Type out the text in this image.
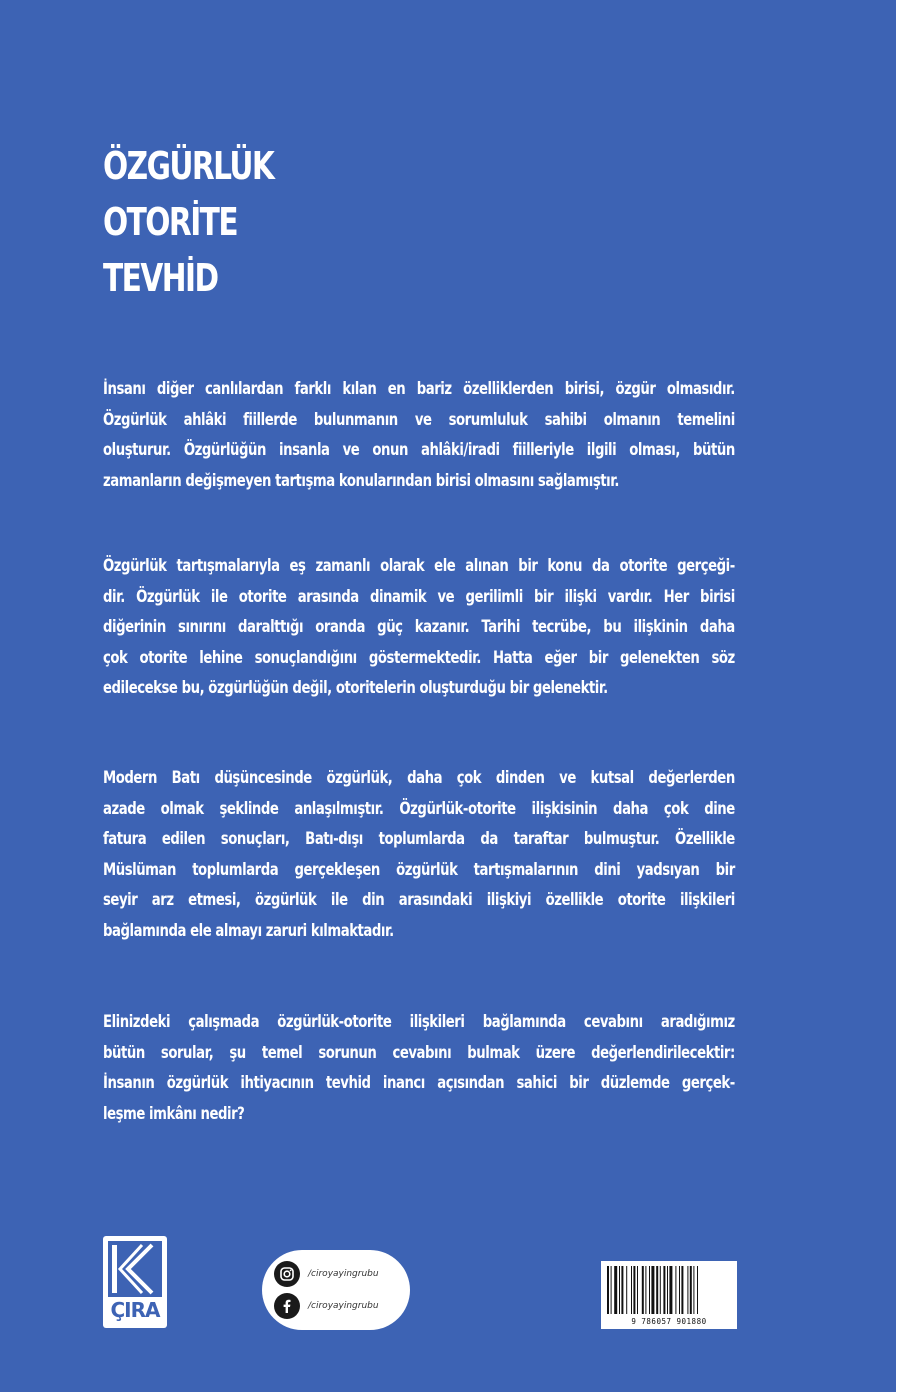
ÖZGÜRLÜK
OTORİTE
TEVHİD
İnsanı diğer canlılardan farklı kılan en bariz özelliklerden birisi, özgür olmasıdır.
Özgürlük ahlâki fiillerde bulunmanın ve sorumluluk sahibi olmanın temelini
oluşturur. Özgürlüğün insanla ve onun ahlâki/iradi fiilleriyle ilgili olması, bütün
zamanların değişmeyen tartışma konularından birisi olmasını sağlamıştır.
Özgürlük tartışmalarıyla eş zamanlı olarak ele alınan bir konu da otorite gerçeği-
dir. Özgürlük ile otorite arasında dinamik ve gerilimli bir ilişki vardır. Her birisi
diğerinin sınırını daralttığı oranda güç kazanır. Tarihi tecrübe, bu ilişkinin daha
çok otorite lehine sonuçlandığını göstermektedir. Hatta eğer bir gelenekten söz
edilecekse bu, özgürlüğün değil, otoritelerin oluşturduğu bir gelenektir.
Modern Batı düşüncesinde özgürlük, daha çok dinden ve kutsal değerlerden
azade olmak şeklinde anlaşılmıştır. Özgürlük-otorite ilişkisinin daha çok dine
fatura edilen sonuçları, Batı-dışı toplumlarda da taraftar bulmuştur. Özellikle
Müslüman toplumlarda gerçekleşen özgürlük tartışmalarının dini yadsıyan bir
seyir arz etmesi, özgürlük ile din arasındaki ilişkiyi özellikle otorite ilişkileri
bağlamında ele almayı zaruri kılmaktadır.
Elinizdeki çalışmada özgürlük-otorite ilişkileri bağlamında cevabını aradığımız
bütün sorular, şu temel sorunun cevabını bulmak üzere değerlendirilecektir:
İnsanın özgürlük ihtiyacının tevhid inancı açısından sahici bir düzlemde gerçek-
leşme imkânı nedir?
ÇIRA
/ciroyayingrubu
/ciroyayingrubu
9 786057 901880
